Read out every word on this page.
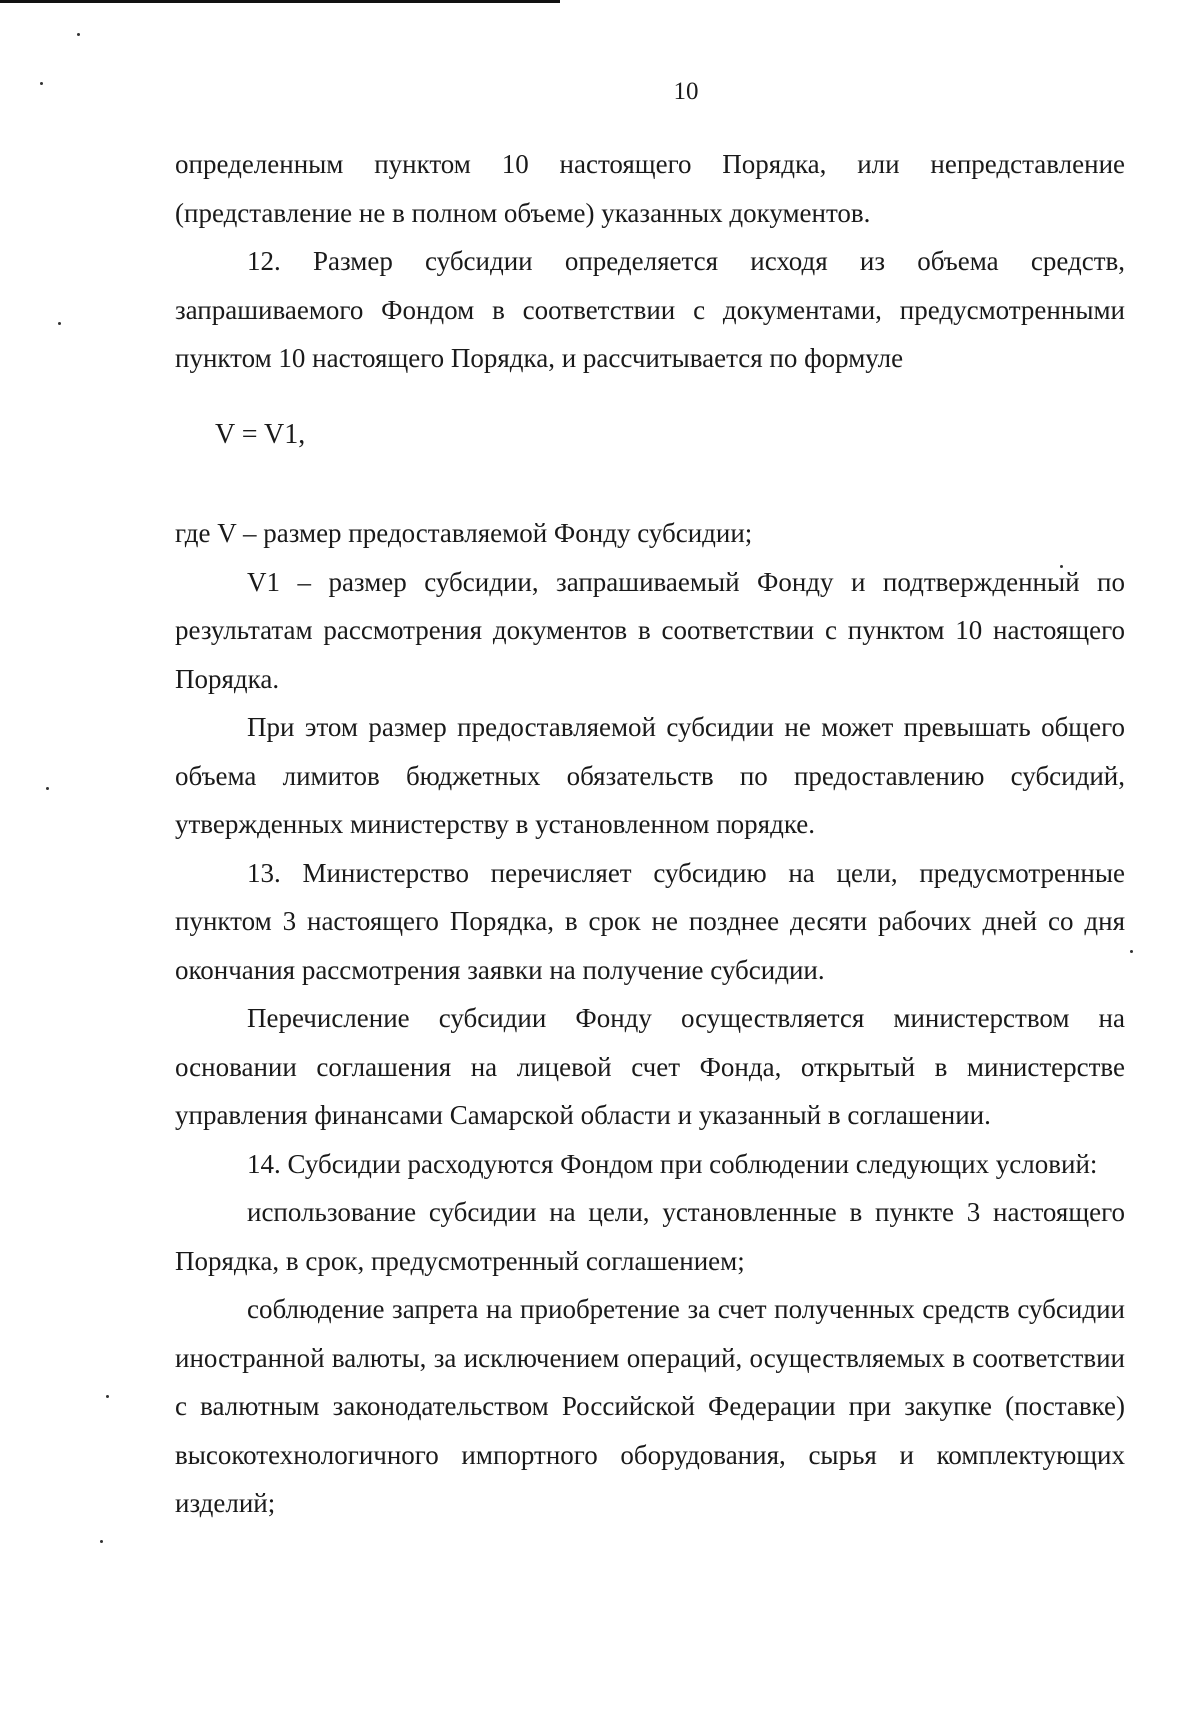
10

определенным пунктом 10 настоящего Порядка, или непредставление (представление не в полном объеме) указанных документов.

12. Размер субсидии определяется исходя из объема средств, запрашиваемого Фондом в соответствии с документами, предусмотренными пунктом 10 настоящего Порядка, и рассчитывается по формуле

V = V1,

где V – размер предоставляемой Фонду субсидии;

V1 – размер субсидии, запрашиваемый Фонду и подтвержденный по результатам рассмотрения документов в соответствии с пунктом 10 настоящего Порядка.

При этом размер предоставляемой субсидии не может превышать общего объема лимитов бюджетных обязательств по предоставлению субсидий, утвержденных министерству в установленном порядке.

13. Министерство перечисляет субсидию на цели, предусмотренные пунктом 3 настоящего Порядка, в срок не позднее десяти рабочих дней со дня окончания рассмотрения заявки на получение субсидии.

Перечисление субсидии Фонду осуществляется министерством на основании соглашения на лицевой счет Фонда, открытый в министерстве управления финансами Самарской области и указанный в соглашении.

14. Субсидии расходуются Фондом при соблюдении следующих условий:

использование субсидии на цели, установленные в пункте 3 настоящего Порядка, в срок, предусмотренный соглашением;

соблюдение запрета на приобретение за счет полученных средств субсидии иностранной валюты, за исключением операций, осуществляемых в соответствии с валютным законодательством Российской Федерации при закупке (поставке) высокотехнологичного импортного оборудования, сырья и комплектующих изделий;
